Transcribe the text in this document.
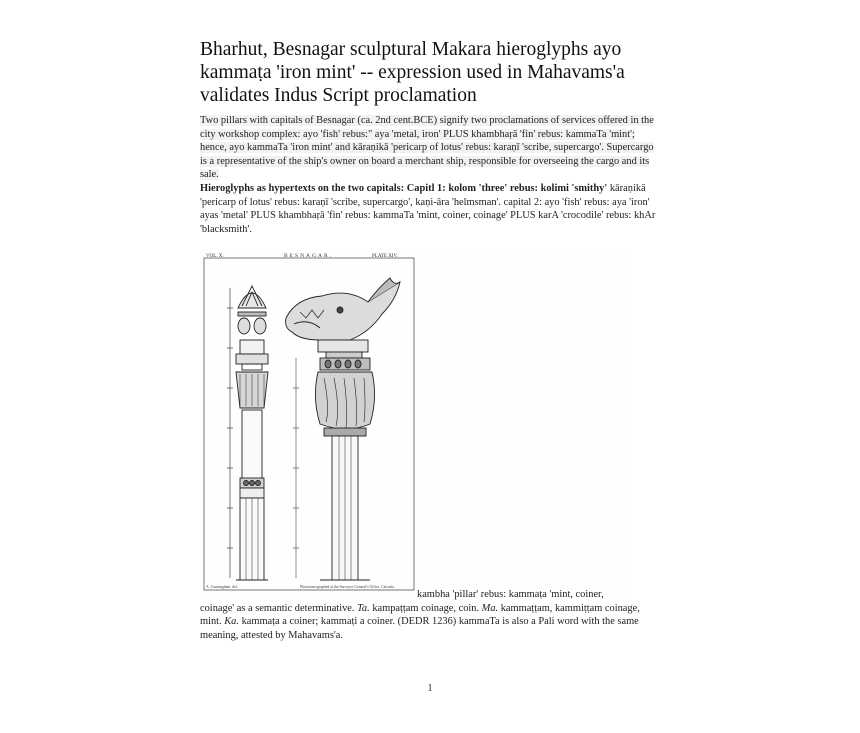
Bharhut, Besnagar sculptural Makara hieroglyphs ayo kammaṭa 'iron mint' -- expression used in Mahavams'a validates Indus Script proclamation

Two pillars with capitals of Besnagar (ca. 2nd cent.BCE) signify two proclamations of services offered in the city workshop complex: ayo 'fish' rebus:" aya 'metal, iron' PLUS khambhaṛā 'fin' rebus: kammaTa 'mint'; hence, ayo kammaTa 'iron mint' and kāraṇikā 'pericarp of lotus' rebus: karaṇī 'scribe, supercargo'. Supercargo is a representative of the ship's owner on board a merchant ship, responsible for overseeing the cargo and its sale.

Hieroglyphs as hypertexts on the two capitals: Capitl 1: kolom 'three' rebus: kolimi 'smithy' kāraṇikā 'pericarp of lotus' rebus: karaṇī 'scribe, supercargo', kaṇi-āra 'helmsman'. capital 2: ayo 'fish' rebus: aya 'iron' ayas 'metal' PLUS khambhaṛā 'fin' rebus: kammaTa 'mint, coiner, coinage' PLUS karA 'crocodile' rebus: khAr 'blacksmith'.

VOL. X.	BESNAGAR.	PLATE XIV.
A. Cunningham, del.	Photozincographed at the Surveyor General's Office, Calcutta.
kambha 'pillar' rebus: kammaṭa 'mint, coiner,
coinage' as a semantic determinative. Ta. kampaṭṭam coinage, coin. Ma. kammaṭṭam, kammiṭṭam coinage, mint. Ka. kammaṭa a coiner; kammaṭi a coiner. (DEDR 1236) kammaTa is also a Pali word with the same meaning, attested by Mahavams'a.
1
